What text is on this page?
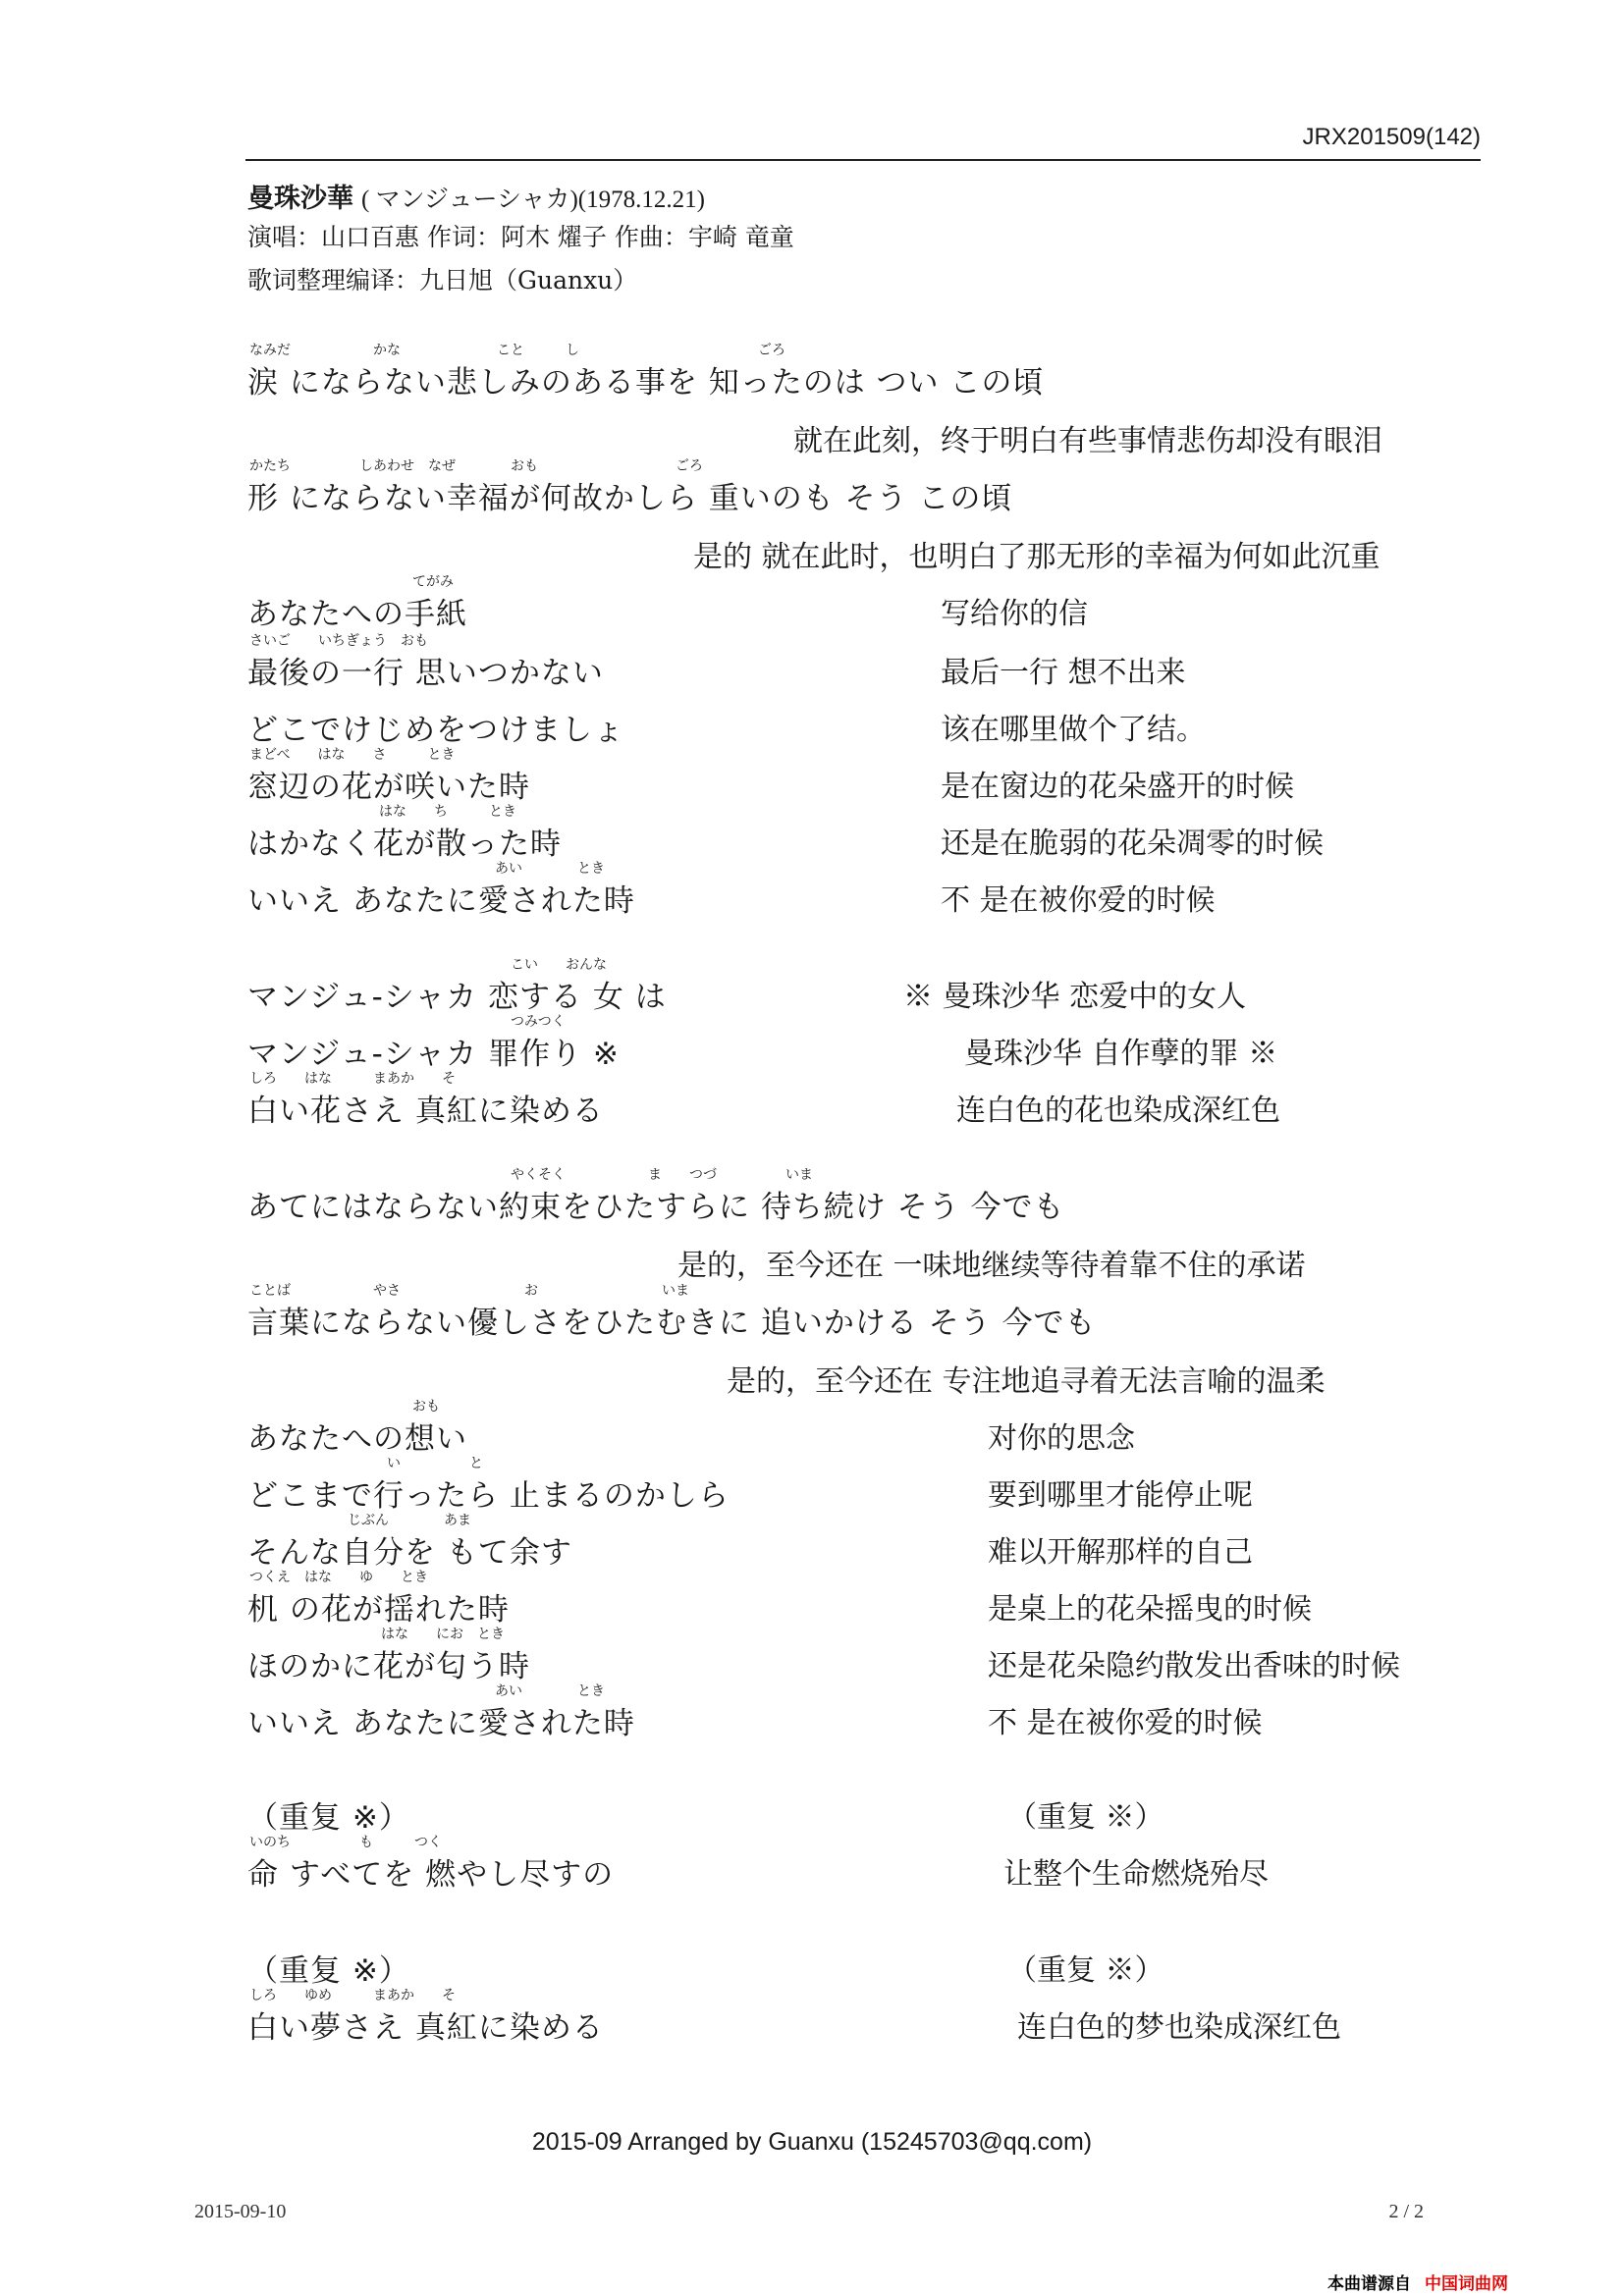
JRX201509(142)
曼珠沙華 ( マンジューシャカ)(1978.12.21)
演唱：山口百惠 作词：阿木 燿子 作曲：宇崎 竜童
歌词整理编译：九日旭（Guanxu）
なみだ　　　　　　かな　　　　　　　こと　　　し　　　　　　　　　　　　　ごろ
涙 にならない悲しみのある事を 知ったのは つい この頃
就在此刻，终于明白有些事情悲伤却没有眼泪
かたち　　　　　しあわせ　なぜ　　　　おも　　　　　　　　　　ごろ
形 にならない幸福が何故かしら 重いのも そう この頃
是的 就在此时，也明白了那无形的幸福为何如此沉重
てがみ
あなたへの手紙	写给你的信
さいご　　いちぎょう　おも
最後の一行 思いつかない	最后一行 想不出来
どこでけじめをつけましょ	该在哪里做个了结。
まどべ　　はな　　さ　　　とき
窓辺の花が咲いた時	是在窗边的花朵盛开的时候
はな　　ち　　　とき
はかなく花が散った時	还是在脆弱的花朵凋零的时候
あい　　　　とき
いいえ あなたに愛された時	不 是在被你爱的时候
こい　　おんな
マンジュ-シャカ 恋する 女 は	※ 曼珠沙华 恋爱中的女人
つみつく
マンジュ-シャカ 罪作り ※	曼珠沙华 自作孽的罪 ※
しろ　　はな　　　まあか　　そ
白い花さえ 真紅に染める	连白色的花也染成深红色
やくそく　　　　　　ま　　つづ　　　　　いま
あてにはならない約束をひたすらに 待ち続け そう 今でも
是的，至今还在 一味地继续等待着靠不住的承诺
ことば　　　　　　やさ　　　　　　　　　お　　　　　　　　　いま
言葉にならない優しさをひたむきに 追いかける そう 今でも
是的，至今还在 专注地追寻着无法言喻的温柔
おも
あなたへの想い	对你的思念
い　　　　　と
どこまで行ったら 止まるのかしら	要到哪里才能停止呢
じぶん　　　　あま
そんな自分を もて余す	难以开解那样的自己
つくえ　はな　　ゆ　　とき
机 の花が揺れた時	是桌上的花朵摇曳的时候
はな　　にお　とき
ほのかに花が匂う時	还是花朵隐约散发出香味的时候
あい　　　　とき
いいえ あなたに愛された時	不 是在被你爱的时候
（重复 ※）	（重复 ※）
いのち　　　　　も　　　つく
命 すべてを 燃やし尽すの	让整个生命燃烧殆尽
（重复 ※）	（重复 ※）
しろ　　ゆめ　　　まあか　　そ
白い夢さえ 真紅に染める	连白色的梦也染成深红色
2015-09 Arranged by Guanxu (15245703@qq.com)
2015-09-10	2 / 2
本曲谱源自 中国词曲网
